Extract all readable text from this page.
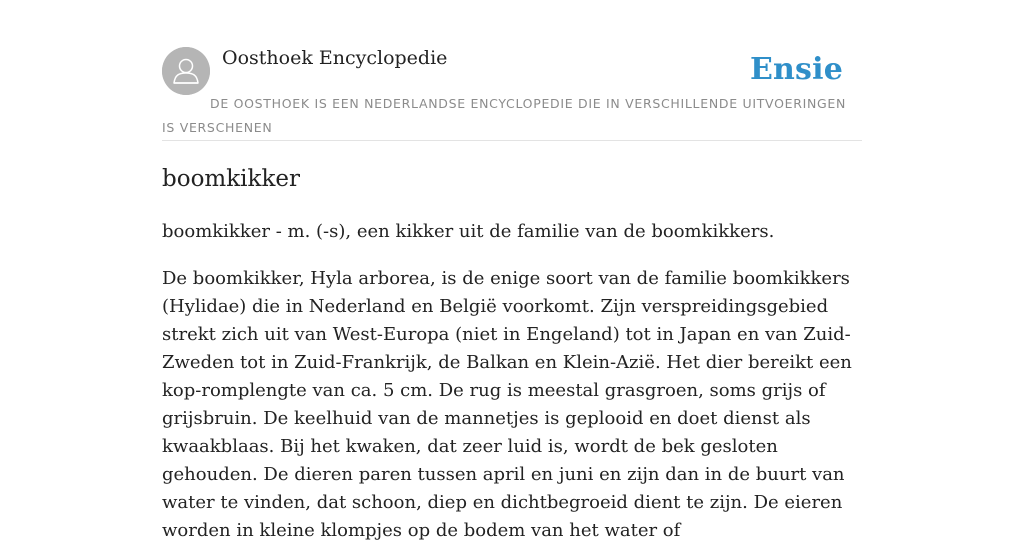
Oosthoek Encyclopedie	Ensie
DE OOSTHOEK IS EEN NEDERLANDSE ENCYCLOPEDIE DIE IN VERSCHILLENDE UITVOERINGEN IS VERSCHENEN
boomkikker

boomkikker - m. (-s), een kikker uit de familie van de boomkikkers.

De boomkikker, Hyla arborea, is de enige soort van de familie boomkikkers (Hylidae) die in Nederland en België voorkomt. Zijn verspreidingsgebied strekt zich uit van West-Europa (niet in Engeland) tot in Japan en van Zuid-Zweden tot in Zuid-Frankrijk, de Balkan en Klein-Azië. Het dier bereikt een kop-romplengte van ca. 5 cm. De rug is meestal grasgroen, soms grijs of grijsbruin. De keelhuid van de mannetjes is geplooid en doet dienst als kwaakblaas. Bij het kwaken, dat zeer luid is, wordt de bek gesloten gehouden. De dieren paren tussen april en juni en zijn dan in de buurt van water te vinden, dat schoon, diep en dichtbegroeid dient te zijn. De eieren worden in kleine klompjes op de bodem van het water of
